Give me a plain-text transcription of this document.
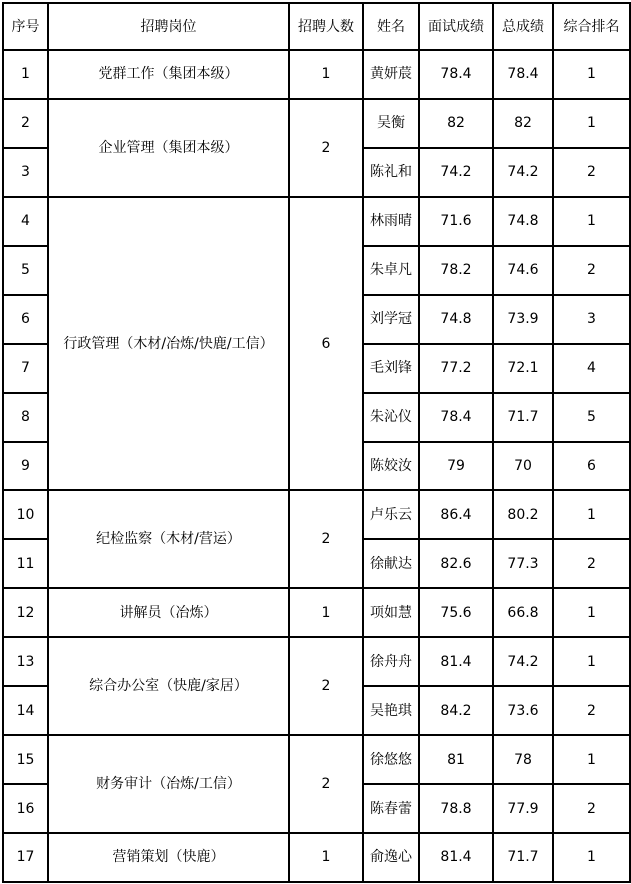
序号	招聘岗位	招聘人数	姓名	面试成绩	总成绩	综合排名
1	党群工作（集团本级）	1	黄妍莀	78.4	78.4	1
2	企业管理（集团本级）	2	吴衡	82	82	1
3			陈礼和	74.2	74.2	2
4	行政管理（木材/冶炼/快鹿/工信）	6	林雨晴	71.6	74.8	1
5			朱卓凡	78.2	74.6	2
6			刘学冠	74.8	73.9	3
7			毛刘锋	77.2	72.1	4
8			朱沁仪	78.4	71.7	5
9			陈姣汝	79	70	6
10	纪检监察（木材/营运）	2	卢乐云	86.4	80.2	1
11			徐献达	82.6	77.3	2
12	讲解员（冶炼）	1	项如慧	75.6	66.8	1
13	综合办公室（快鹿/家居）	2	徐舟舟	81.4	74.2	1
14			吴艳琪	84.2	73.6	2
15	财务审计（冶炼/工信）	2	徐悠悠	81	78	1
16			陈春蕾	78.8	77.9	2
17	营销策划（快鹿）	1	俞逸心	81.4	71.7	1
